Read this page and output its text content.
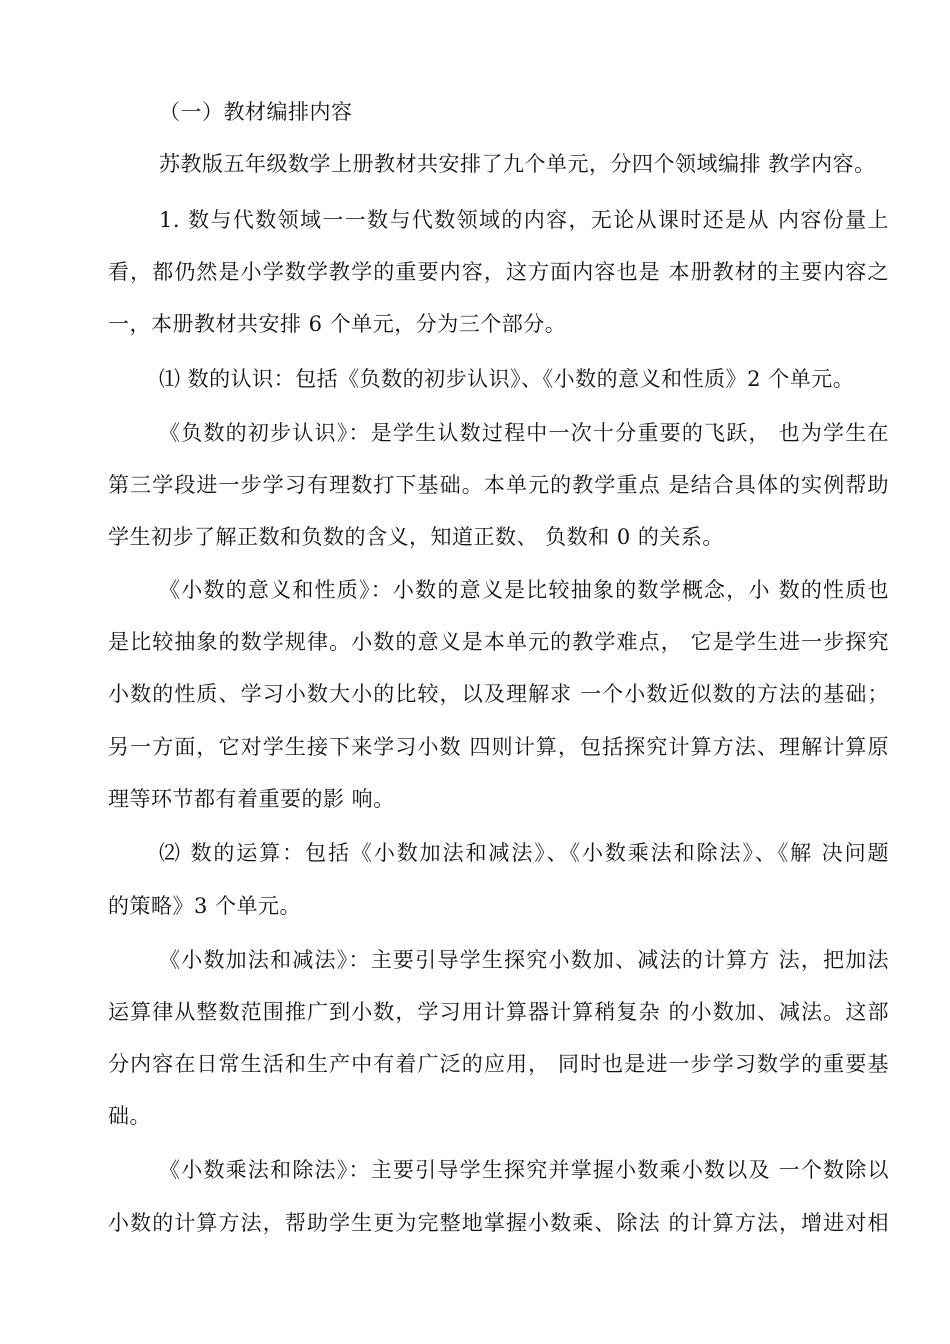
（一）教材编排内容
苏教版五年级数学上册教材共安排了九个单元，分四个领域编排 教学内容。
1. 数与代数领域一一数与代数领域的内容，无论从课时还是从 内容份量上
看，都仍然是小学数学教学的重要内容，这方面内容也是 本册教材的主要内容之
一，本册教材共安排 6 个单元，分为三个部分。
⑴ 数的认识：包括《负数的初步认识》、《小数的意义和性质》2 个单元。
《负数的初步认识》：是学生认数过程中一次十分重要的飞跃， 也为学生在
第三学段进一步学习有理数打下基础。本单元的教学重点 是结合具体的实例帮助
学生初步了解正数和负数的含义，知道正数、 负数和 0 的关系。
《小数的意义和性质》：小数的意义是比较抽象的数学概念，小 数的性质也
是比较抽象的数学规律。小数的意义是本单元的教学难点， 它是学生进一步探究
小数的性质、学习小数大小的比较，以及理解求 一个小数近似数的方法的基础；
另一方面，它对学生接下来学习小数 四则计算，包括探究计算方法、理解计算原
理等环节都有着重要的影 响。
⑵ 数的运算：包括《小数加法和减法》、《小数乘法和除法》、《解 决问题
的策略》3 个单元。
《小数加法和减法》：主要引导学生探究小数加、减法的计算方 法，把加法
运算律从整数范围推广到小数，学习用计算器计算稍复杂 的小数加、减法。这部
分内容在日常生活和生产中有着广泛的应用， 同时也是进一步学习数学的重要基
础。
《小数乘法和除法》：主要引导学生探究并掌握小数乘小数以及 一个数除以
小数的计算方法，帮助学生更为完整地掌握小数乘、除法 的计算方法，增进对相
